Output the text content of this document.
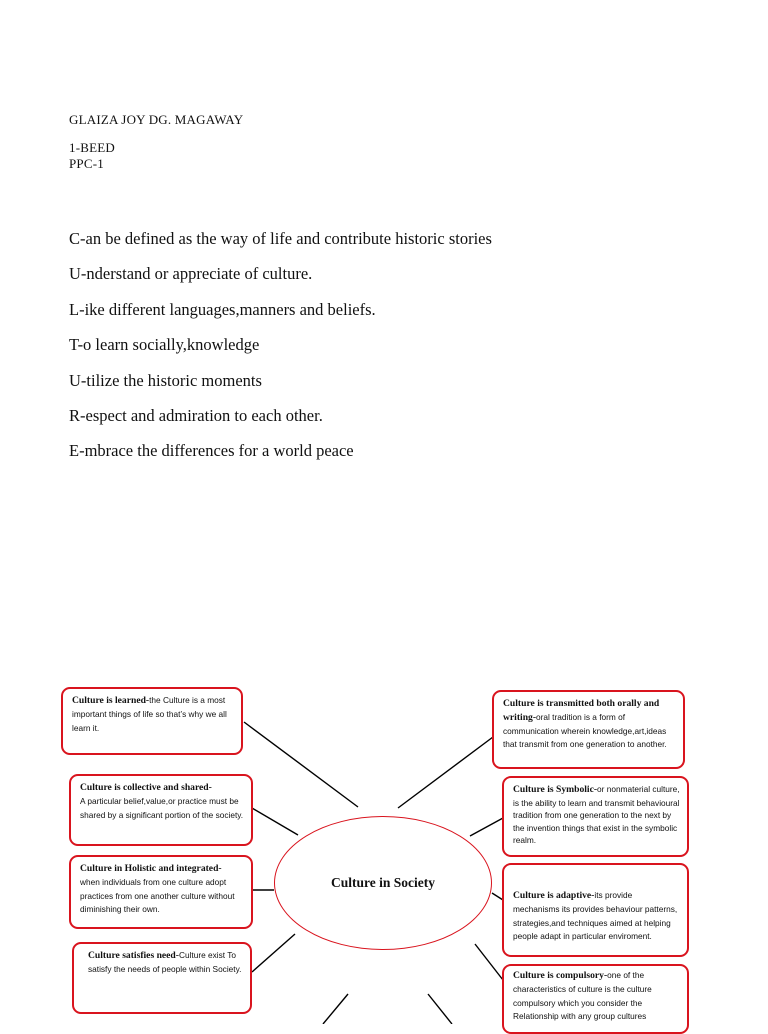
GLAIZA JOY DG. MAGAWAY
1-BEED
PPC-1
C-an be defined as the way of life and contribute historic stories
U-nderstand or appreciate of culture.
L-ike different languages,manners and beliefs.
T-o learn socially,knowledge
U-tilize the historic moments
R-espect and admiration to each other.
E-mbrace the differences for a world peace
Culture is learned-the Culture is a most important things of life so that’s why we all learn it.
Culture is collective and shared-
A particular belief,value,or practice must be shared by a significant portion of the society.
Culture in Holistic and integrated-
when individuals from one culture adopt practices from one another culture without diminishing their own.
Culture satisfies need-Culture exist To satisfy the needs of people within Society.
Culture is transmitted both orally and writing-oral tradition is a form of communication wherein knowledge,art,ideas that transmit from one generation to another.
Culture is Symbolic-or nonmaterial culture, is the ability to learn and transmit behavioural tradition from one generation to the next by the invention things that exist in the symbolic realm.
Culture is adaptive-its provide mechanisms its provides behaviour patterns, strategies,and techniques aimed at helping people adapt in particular enviroment.
Culture is compulsory-one of the characteristics of culture is the culture compulsory which you consider the Relationship with any group cultures
Culture in Society
